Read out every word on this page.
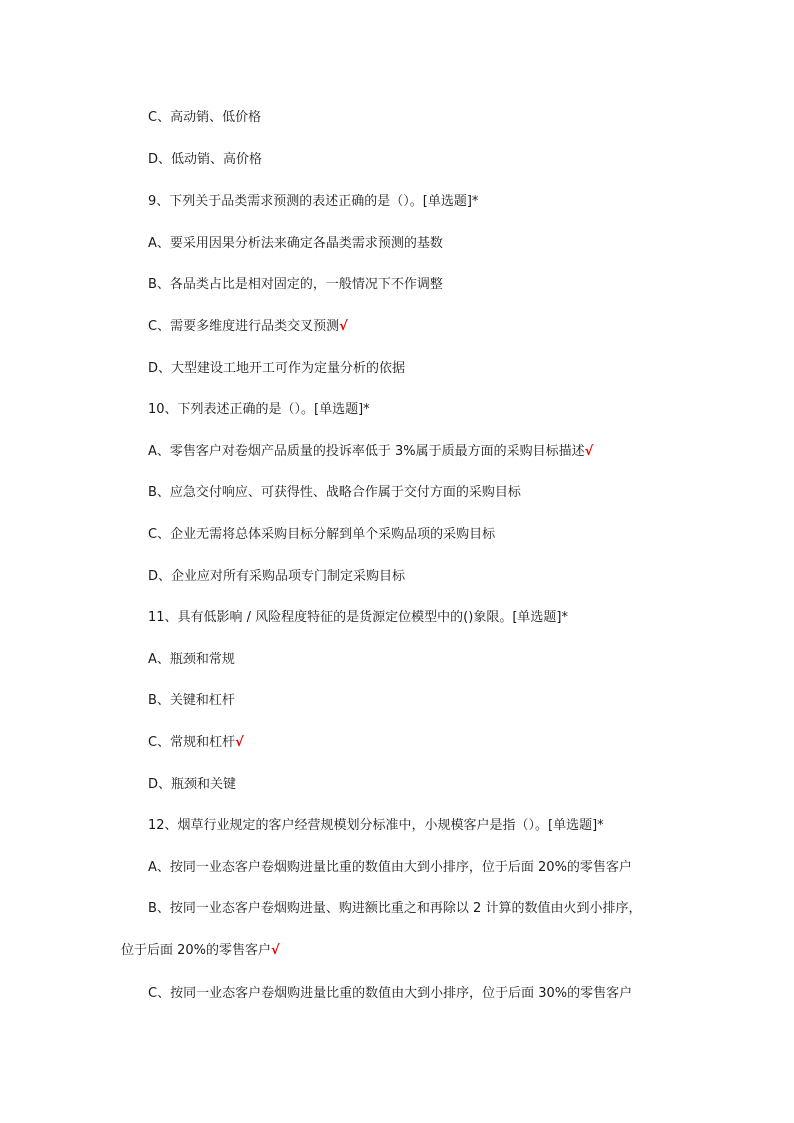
C、高动销、低价格
D、低动销、高价格
9、下列关于品类需求预测的表述正确的是（）。[单选题]*
A、要采用因果分析法来确定各晶类需求预测的基数
B、各品类占比是相对固定的，一般情况下不作调整
C、需要多维度进行品类交叉预测√
D、大型建设工地开工可作为定量分析的依据
10、下列表述正确的是（）。[单选题]*
A、零售客户对卷烟产品质量的投诉率低于 3%属于质最方面的采购目标描述√
B、应急交付响应、可获得性、战略合作属于交付方面的采购目标
C、企业无需将总体采购目标分解到单个采购品项的采购目标
D、企业应对所有采购品项专门制定采购目标
11、具有低影响 / 风险程度特征的是货源定位模型中的()象限。[单选题]*
A、瓶颈和常规
B、关键和杠杆
C、常规和杠杆√
D、瓶颈和关键
12、烟草行业规定的客户经营规模划分标准中，小规模客户是指（）。[单选题]*
A、按同一业态客户卷烟购进量比重的数值由大到小排序，位于后面 20%的零售客户
B、按同一业态客户卷烟购进量、购进额比重之和再除以 2 计算的数值由火到小排序，
位于后面 20%的零售客户√
C、按同一业态客户卷烟购进量比重的数值由大到小排序，位于后面 30%的零售客户
